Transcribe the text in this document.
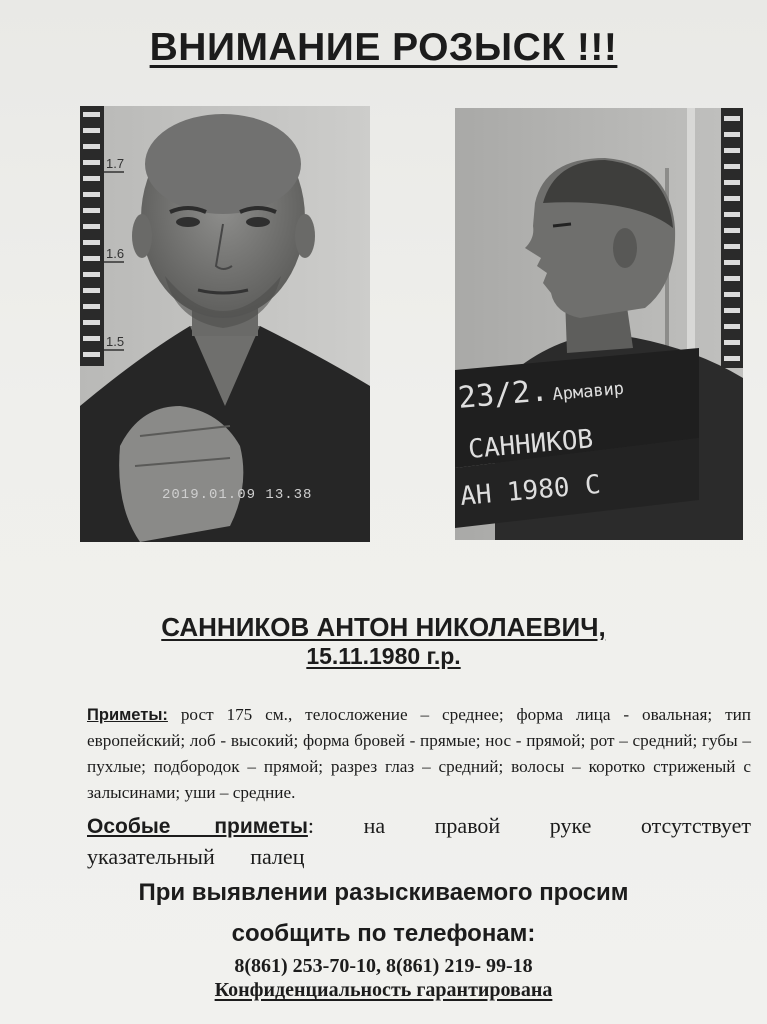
ВНИМАНИЕ РОЗЫСК !!!
1.7
1.6
1.5
2019.01.09 13.38
23/2. Армавир
САННИКОВ
АН 1980 С
САННИКОВ АНТОН НИКОЛАЕВИЧ,
15.11.1980 г.р.
Приметы: рост 175 см., телосложение – среднее; форма лица - овальная; тип европейский; лоб - высокий; форма бровей - прямые; нос - прямой; рот – средний; губы – пухлые; подбородок – прямой; разрез глаз – средний; волосы – коротко стриженый с залысинами; уши – средние.
Особые приметы: на правой руке отсутствует указательный палец
При выявлении разыскиваемого просим
сообщить по телефонам:
8(861) 253-70-10, 8(861) 219- 99-18
Конфиденциальность гарантирована
